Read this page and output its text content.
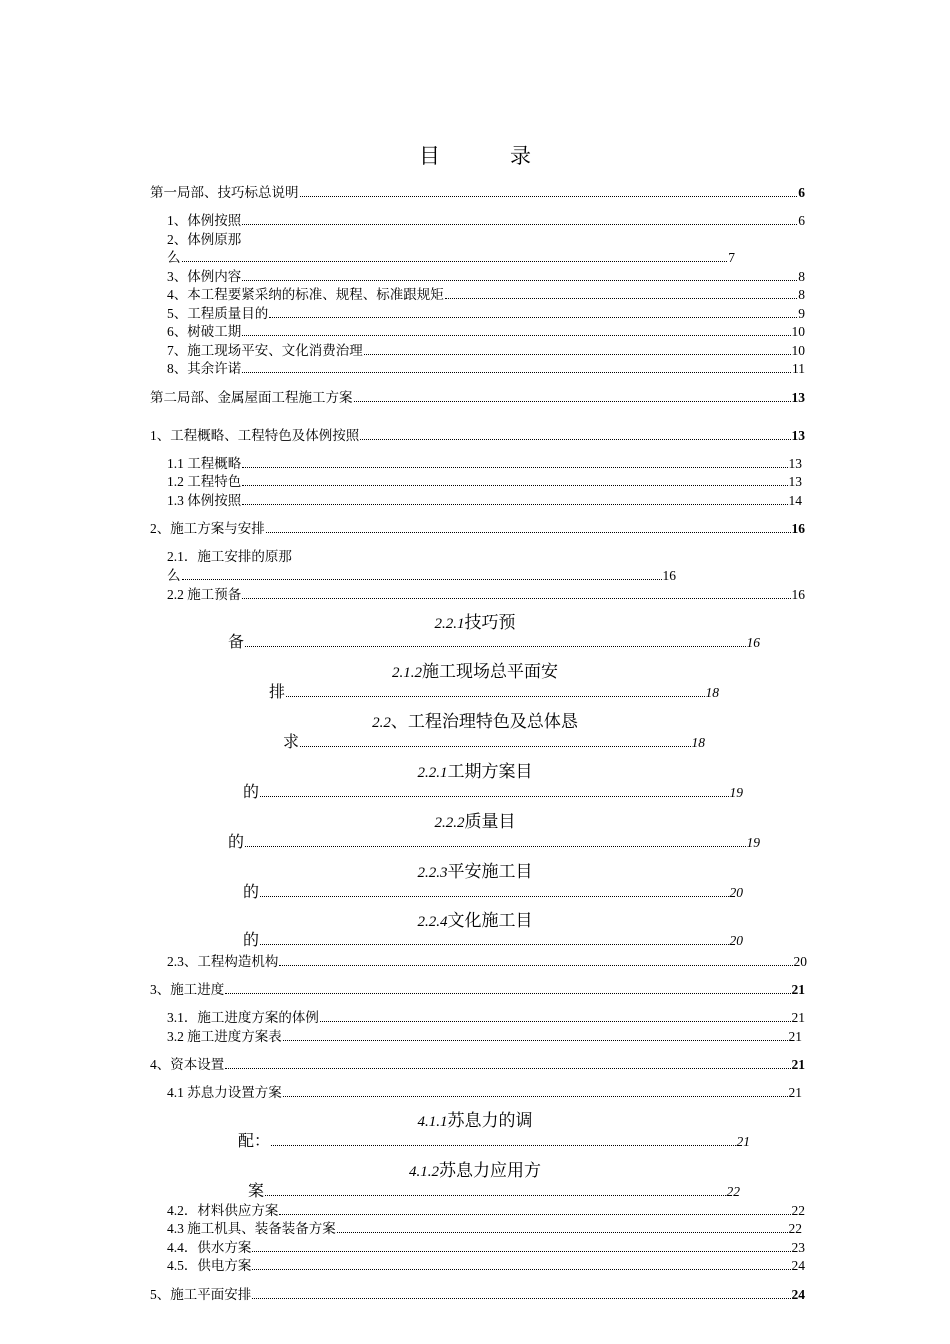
目	录
第一局部、技巧标总说明	6
1、体例按照	6
2、体例原那
么	7
3、体例内容	8
4、本工程要紧采纳的标准、规程、标准跟规矩	8
5、工程质量目的	9
6、树破工期	10
7、施工现场平安、文化消费治理	10
8、其余许诺	11
第二局部、金属屋面工程施工方案	13
1、工程概略、工程特色及体例按照	13
1.1 工程概略	13
1.2 工程特色	13
1.3 体例按照	14
2、施工方案与安排	16
2.1．施工安排的原那
么	16
2.2 施工预备	16
2.2.1技巧预
备	16
2.1.2施工现场总平面安
排	18
2.2、工程治理特色及总体恳
求	18
2.2.1工期方案目
的	19
2.2.2质量目
的	19
2.2.3平安施工目
的	20
2.2.4文化施工目
的	20
2.3、工程构造机构	20
3、施工进度	21
3.1．施工进度方案的体例	21
3.2 施工进度方案表	21
4、资本设置	21
4.1 苏息力设置方案	21
4.1.1苏息力的调
配：	21
4.1.2苏息力应用方
案	22
4.2．材料供应方案	22
4.3 施工机具、装备装备方案	22
4.4．供水方案	23
4.5．供电方案	24
5、施工平面安排	24
